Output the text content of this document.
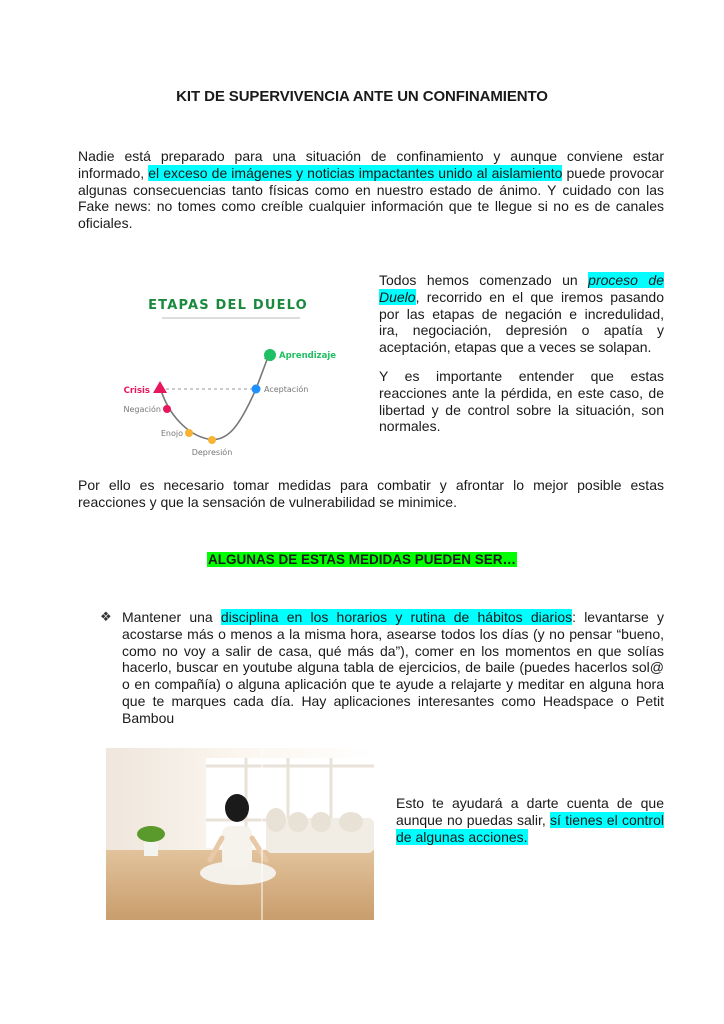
KIT DE SUPERVIVENCIA ANTE UN CONFINAMIENTO

Nadie está preparado para una situación de confinamiento y aunque conviene estar informado, el exceso de imágenes y noticias impactantes unido al aislamiento puede provocar algunas consecuencias tanto físicas como en nuestro estado de ánimo. Y cuidado con las Fake news: no tomes como creíble cualquier información que te llegue si no es de canales oficiales.

ETAPAS DEL DUELO
Crisis
Negación
Enojo
Depresión
Aceptación
Aprendizaje

Todos hemos comenzado un proceso de Duelo, recorrido en el que iremos pasando por las etapas de negación e incredulidad, ira, negociación, depresión o apatía y aceptación, etapas que a veces se solapan.

Y es importante entender que estas reacciones ante la pérdida, en este caso, de libertad y de control sobre la situación, son normales.

Por ello es necesario tomar medidas para combatir y afrontar lo mejor posible estas reacciones y que la sensación de vulnerabilidad se minimice.

ALGUNAS DE ESTAS MEDIDAS PUEDEN SER…
❖ Mantener una disciplina en los horarios y rutina de hábitos diarios: levantarse y acostarse más o menos a la misma hora, asearse todos los días (y no pensar “bueno, como no voy a salir de casa, qué más da”), comer en los momentos en que solías hacerlo, buscar en youtube alguna tabla de ejercicios, de baile (puedes hacerlos sol@ o en compañía) o alguna aplicación que te ayude a relajarte y meditar en alguna hora que te marques cada día. Hay aplicaciones interesantes como Headspace o Petit Bambou

Esto te ayudará a darte cuenta de que aunque no puedas salir, sí tienes el control de algunas acciones.
